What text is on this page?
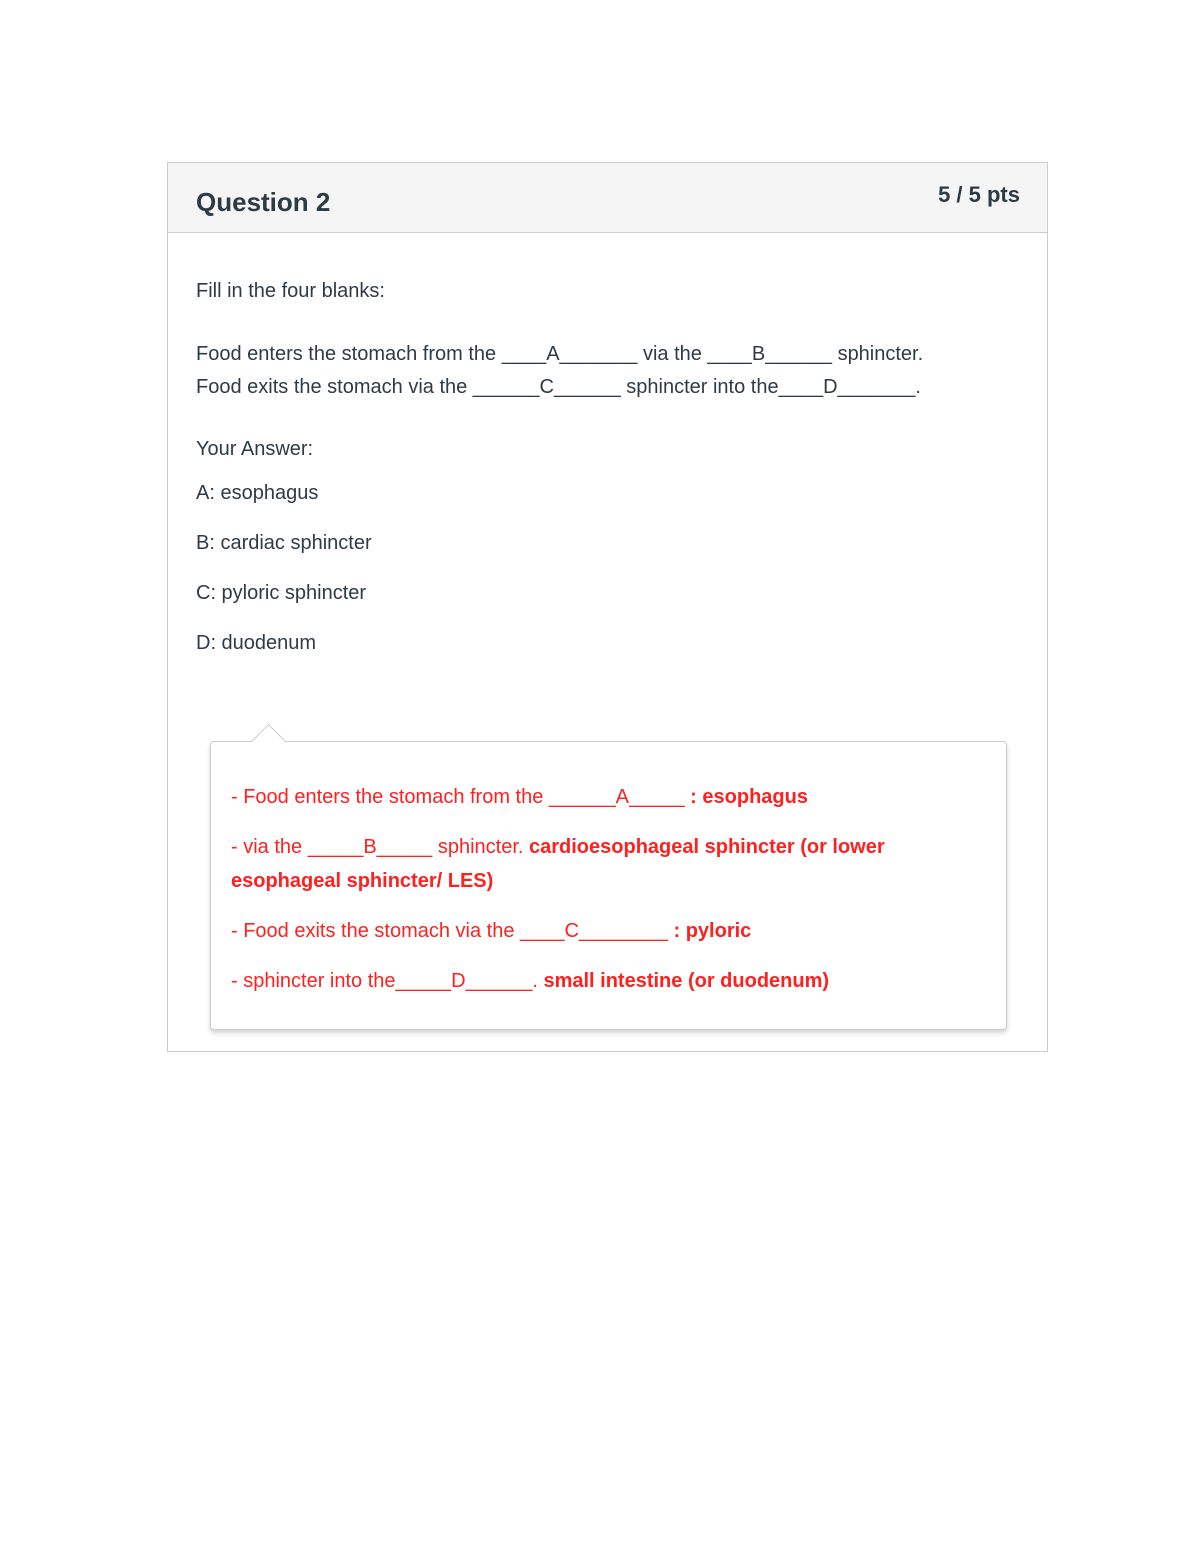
Question 2	5 / 5 pts

Fill in the four blanks:

Food enters the stomach from the ____A_______ via the ____B______ sphincter.

Food exits the stomach via the ______C______ sphincter into the____D_______.

Your Answer:

A: esophagus

B: cardiac sphincter

C: pyloric sphincter

D: duodenum

- Food enters the stomach from the ______A_____ : esophagus

- via the _____B_____ sphincter. cardioesophageal sphincter (or lower esophageal sphincter/ LES)

- Food exits the stomach via the ____C________ : pyloric

- sphincter into the_____D______. small intestine (or duodenum)
